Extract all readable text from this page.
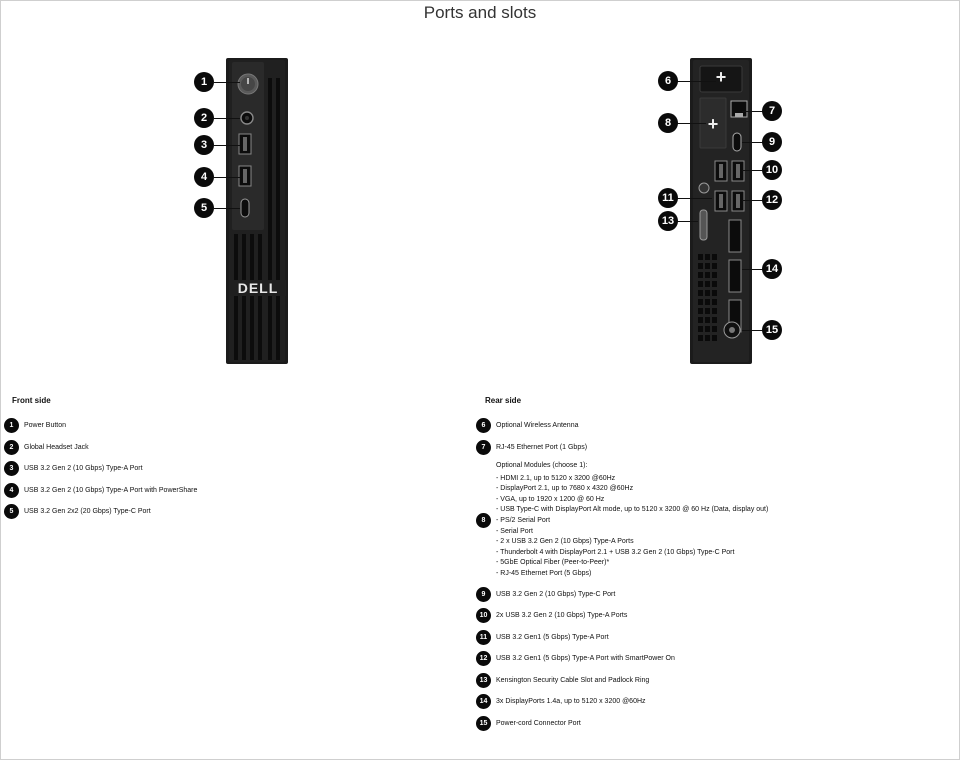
Ports and slots
DELL
+
+
1
2
3
4
5
6
7
8
9
10
11	12
13
14
15
Front side
1	Power Button
2	Global Headset Jack
3	USB 3.2 Gen 2 (10 Gbps) Type-A Port
4	USB 3.2 Gen 2 (10 Gbps) Type-A Port with PowerShare
5	USB 3.2 Gen 2x2 (20 Gbps) Type-C Port
Rear side
6	Optional Wireless Antenna
7	RJ-45 Ethernet Port (1 Gbps)
8
Optional Modules (choose 1):
- HDMI 2.1, up to 5120 x 3200 @60Hz
- DisplayPort 2.1, up to 7680 x 4320 @60Hz
- VGA, up to 1920 x 1200 @ 60 Hz
- USB Type-C with DisplayPort Alt mode, up to 5120 x 3200 @ 60 Hz (Data, display out)
- PS/2 Serial Port
- Serial Port
- 2 x USB 3.2 Gen 2 (10 Gbps) Type-A Ports
- Thunderbolt 4 with DisplayPort 2.1 + USB 3.2 Gen 2 (10 Gbps) Type-C Port
- 5GbE Optical Fiber (Peer-to-Peer)*
- RJ-45 Ethernet Port (5 Gbps)
9	USB 3.2 Gen 2 (10 Gbps) Type-C Port
10	2x USB 3.2 Gen 2 (10 Gbps) Type-A Ports
11	USB 3.2 Gen1 (5 Gbps) Type-A Port
12	USB 3.2 Gen1 (5 Gbps) Type-A Port with SmartPower On
13	Kensington Security Cable Slot and Padlock Ring
14	3x DisplayPorts 1.4a, up to 5120 x 3200 @60Hz
15	Power-cord Connector Port
